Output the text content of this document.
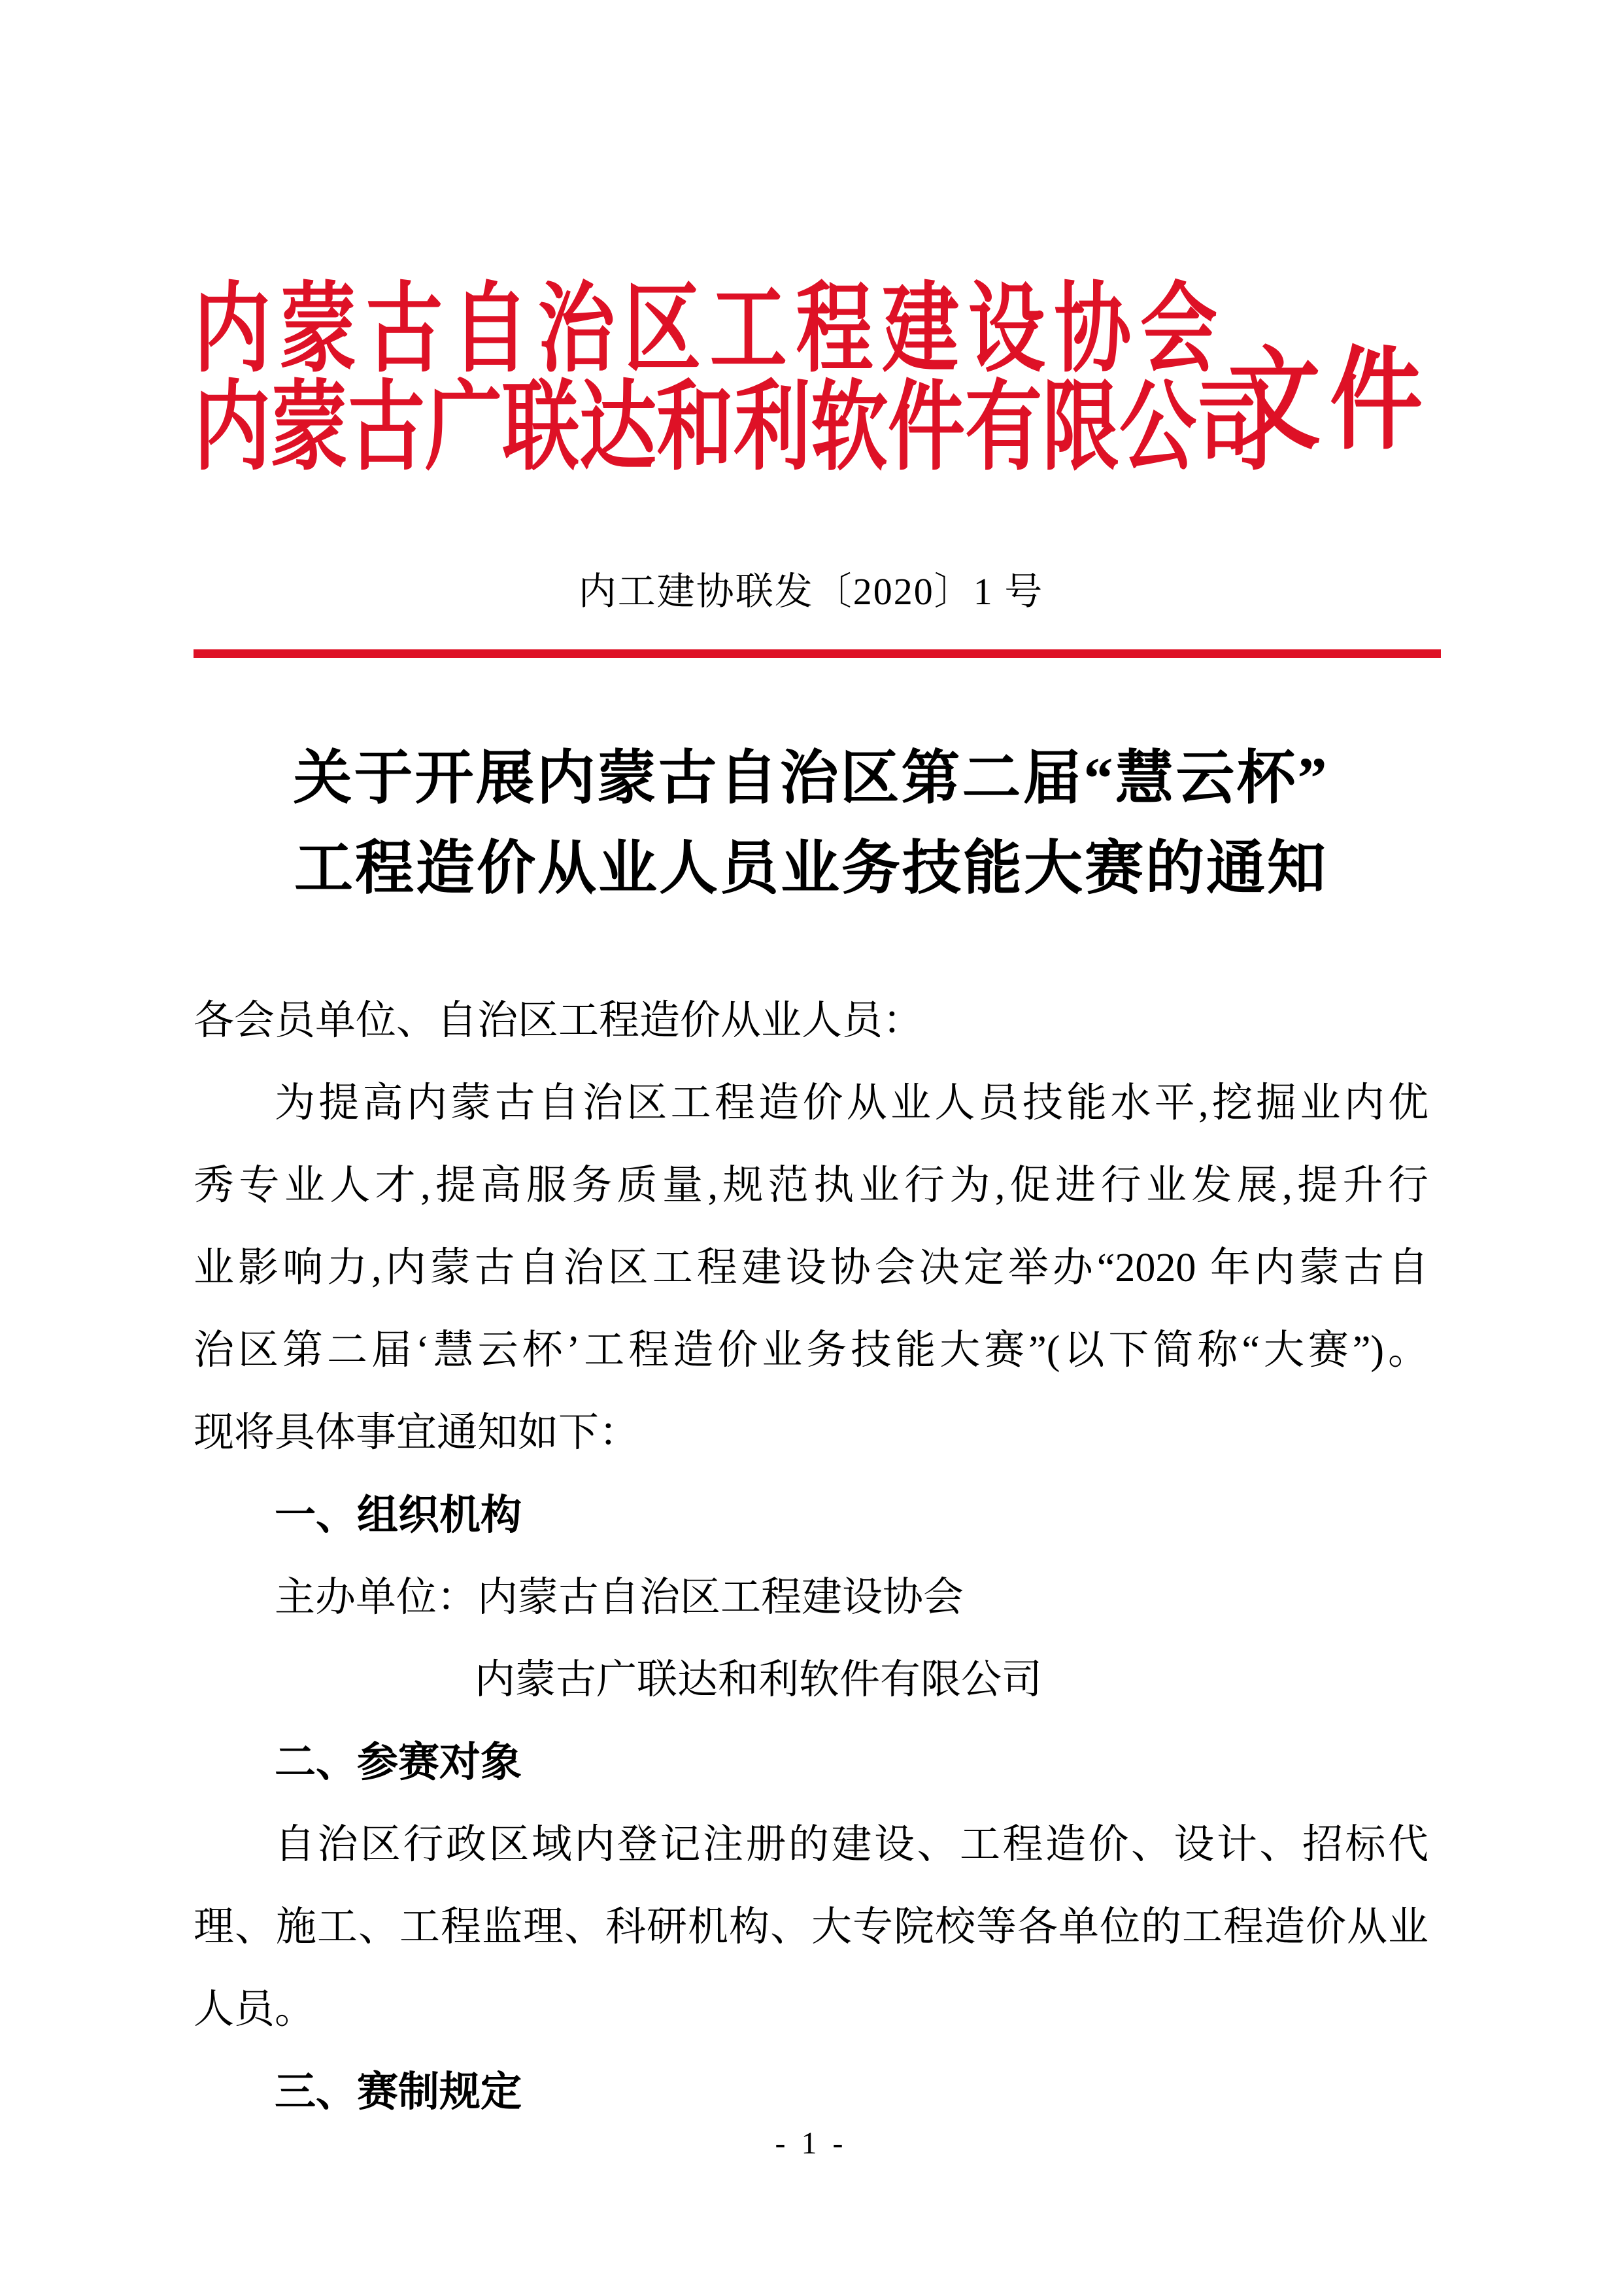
内蒙古自治区工程建设协会
内蒙古广联达和利软件有限公司
文件
内工建协联发〔2020〕1 号
关于开展内蒙古自治区第二届“慧云杯”
工程造价从业人员业务技能大赛的通知
各会员单位、自治区工程造价从业人员：
为提高内蒙古自治区工程造价从业人员技能水平,挖掘业内优
秀专业人才,提高服务质量,规范执业行为,促进行业发展,提升行
业影响力,内蒙古自治区工程建设协会决定举办“2020 年内蒙古自
治区第二届‘慧云杯’工程造价业务技能大赛”(以下简称“大赛”)。
现将具体事宜通知如下：
一、组织机构
主办单位：内蒙古自治区工程建设协会
内蒙古广联达和利软件有限公司
二、参赛对象
自治区行政区域内登记注册的建设、工程造价、设计、招标代
理、施工、工程监理、科研机构、大专院校等各单位的工程造价从业
人员。
三、赛制规定
- 1 -
